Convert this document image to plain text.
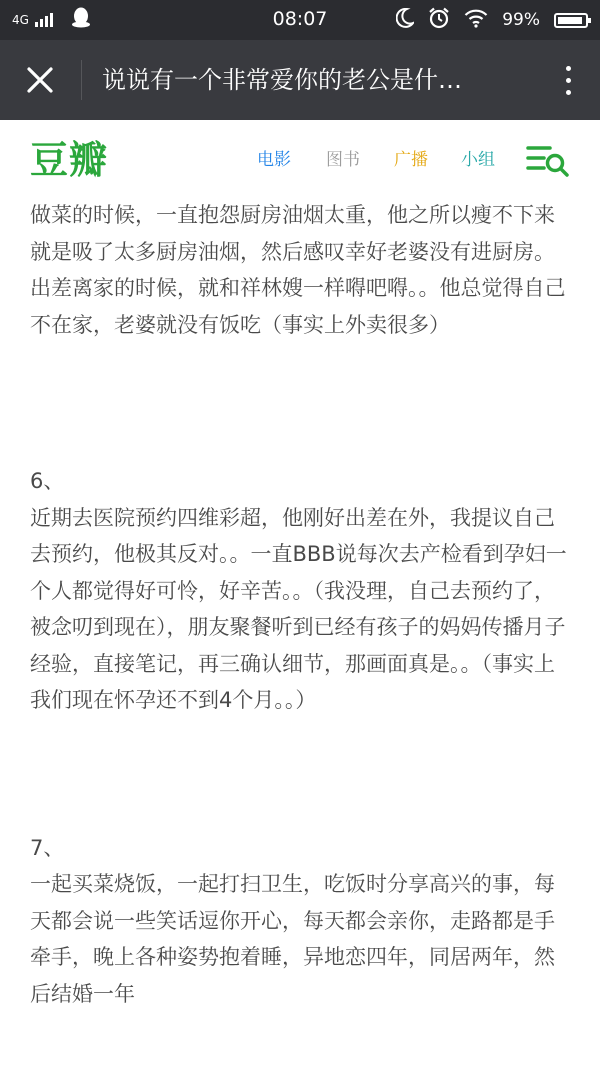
4G	08:07	99%
说说有一个非常爱你的老公是什…
豆瓣	电影 图书 广播 小组

做菜的时候，一直抱怨厨房油烟太重，他之所以瘦不下来就是吸了太多厨房油烟，然后感叹幸好老婆没有进厨房。出差离家的时候，就和祥林嫂一样嘚吧嘚。。他总觉得自己不在家，老婆就没有饭吃（事实上外卖很多）

6、

近期去医院预约四维彩超，他刚好出差在外，我提议自己去预约，他极其反对。。一直BBB说每次去产检看到孕妇一个人都觉得好可怜，好辛苦。。（我没理，自己去预约了，被念叨到现在），朋友聚餐听到已经有孩子的妈妈传播月子经验，直接笔记，再三确认细节，那画面真是。。（事实上我们现在怀孕还不到4个月。。）

7、

一起买菜烧饭，一起打扫卫生，吃饭时分享高兴的事，每天都会说一些笑话逗你开心，每天都会亲你，走路都是手牵手，晚上各种姿势抱着睡，异地恋四年，同居两年，然后结婚一年
